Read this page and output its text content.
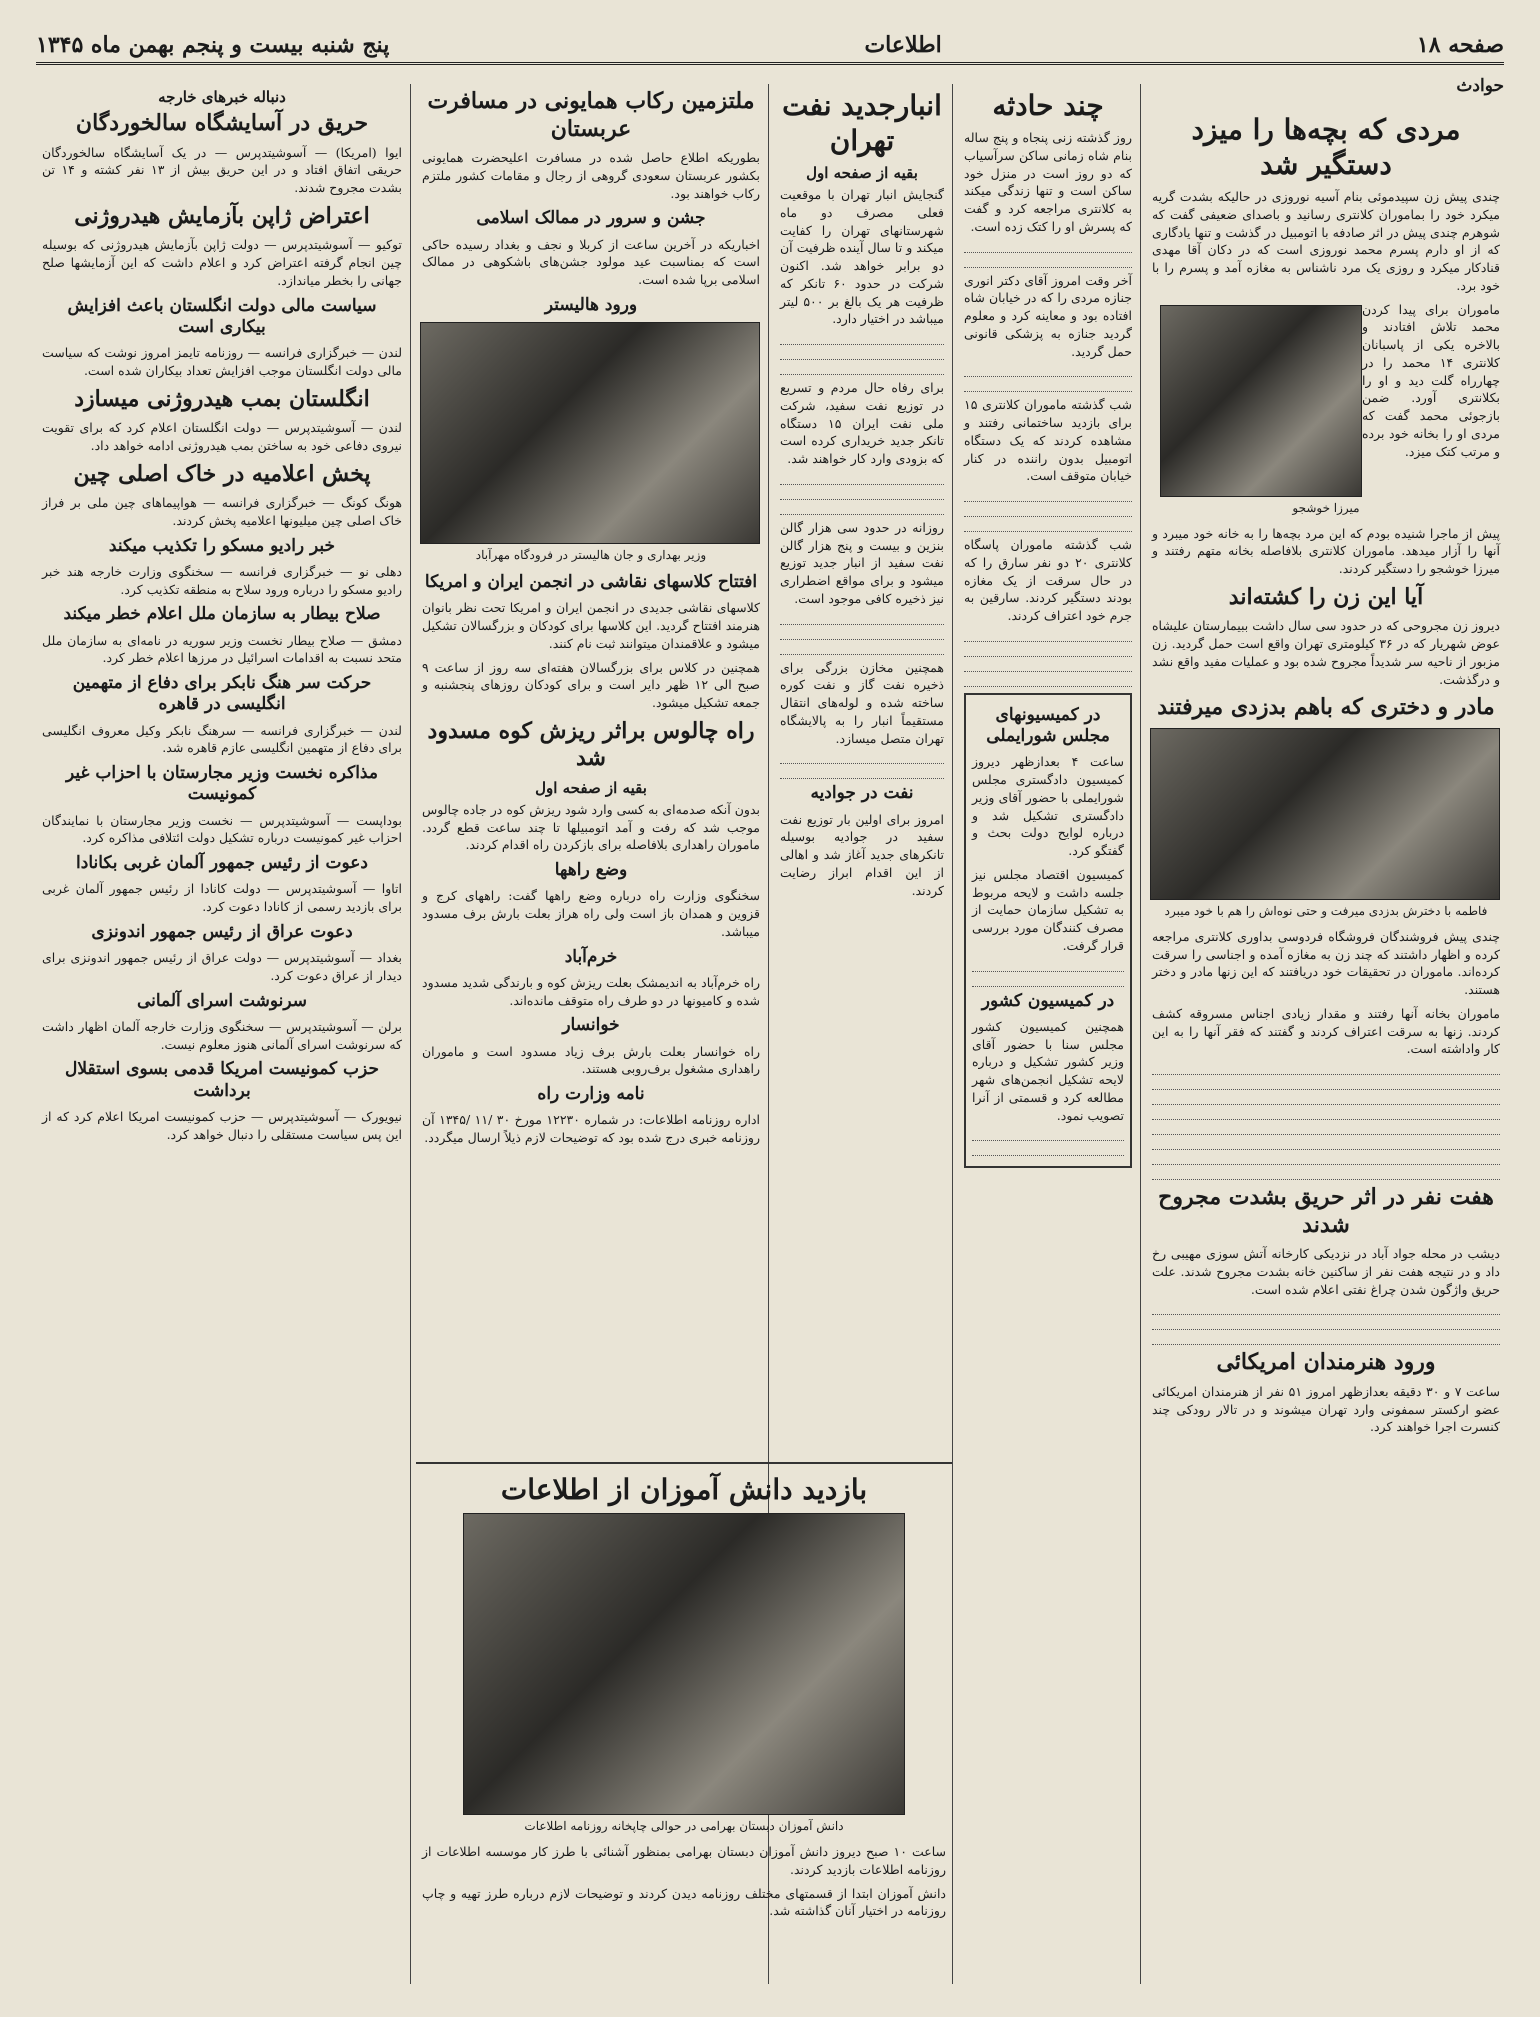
صفحه ۱۸
اطلاعات
پنج شنبه بیست و پنجم بهمن ماه ۱۳۴۵
حوادث
مردی که بچه‌ها را میزد دستگیر شد

چندی پیش زن سپیدموئی بنام آسیه نوروزی در حالیکه بشدت گریه میکرد خود را بماموران کلانتری رسانید و باصدای ضعیفی گفت که شوهرم چندی پیش در اثر صادفه با اتومبیل در گذشت و تنها یادگاری که از او دارم پسرم محمد نوروزی است که در دکان آقا مهدی قنادکار میکرد و روزی یک مرد ناشناس به مغازه آمد و پسرم را با خود برد.

ماموران برای پیدا کردن محمد تلاش افتادند و بالاخره یکی از پاسبانان کلانتری ۱۴ محمد را در چهارراه گلت دید و او را بکلانتری آورد. ضمن بازجوئی محمد گفت که مردی او را بخانه خود برده و مرتب کتک میزد.

میرزا خوشجو

پیش از ماجرا شنیده بودم که این مرد بچه‌ها را به خانه خود میبرد و آنها را آزار میدهد. ماموران کلانتری بلافاصله بخانه متهم رفتند و میرزا خوشجو را دستگیر کردند.

آیا این زن را کشته‌اند

دیروز زن مجروحی که در حدود سی سال داشت ببیمارستان علیشاه عوض شهریار که در ۳۶ کیلومتری تهران واقع است حمل گردید. زن مزبور از ناحیه سر شدیداً مجروح شده بود و عملیات مفید واقع نشد و درگذشت.

مادر و دختری که باهم بدزدی میرفتند
فاطمه با دخترش بدزدی میرفت و حتی نوه‌اش را هم با خود میبرد

چندی پیش فروشندگان فروشگاه فردوسی بداوری کلانتری مراجعه کرده و اظهار داشتند که چند زن به مغازه آمده و اجناسی را سرقت کرده‌اند. ماموران در تحقیقات خود دریافتند که این زنها مادر و دختر هستند.

ماموران بخانه آنها رفتند و مقدار زیادی اجناس مسروقه کشف کردند. زنها به سرقت اعتراف کردند و گفتند که فقر آنها را به این کار واداشته است.

هفت نفر در اثر حریق بشدت مجروح شدند

دیشب در محله جواد آباد در نزدیکی کارخانه آتش سوزی مهیبی رخ داد و در نتیجه هفت نفر از ساکنین خانه بشدت مجروح شدند. علت حریق واژگون شدن چراغ نفتی اعلام شده است.

ورود هنرمندان امریکائی

ساعت ۷ و ۳۰ دقیقه بعدازظهر امروز ۵۱ نفر از هنرمندان امریکائی عضو ارکستر سمفونی وارد تهران میشوند و در تالار رودکی چند کنسرت اجرا خواهند کرد.

چند حادثه

روز گذشته زنی پنجاه و پنج ساله بنام شاه زمانی ساکن سرآسیاب که دو روز است در منزل خود ساکن است و تنها زندگی میکند به کلانتری مراجعه کرد و گفت که پسرش او را کتک زده است.

آخر وقت امروز آقای دکتر انوری جنازه مردی را که در خیابان شاه افتاده بود و معاینه کرد و معلوم گردید جنازه به پزشکی قانونی حمل گردید.

شب گذشته ماموران کلانتری ۱۵ برای بازدید ساختمانی رفتند و مشاهده کردند که یک دستگاه اتومبیل بدون راننده در کنار خیابان متوقف است.

شب گذشته ماموران پاسگاه کلانتری ۲۰ دو نفر سارق را که در حال سرقت از یک مغازه بودند دستگیر کردند. سارقین به جرم خود اعتراف کردند.

در کمیسیونهای مجلس شورایملی

ساعت ۴ بعدازظهر دیروز کمیسیون دادگستری مجلس شورایملی با حضور آقای وزیر دادگستری تشکیل شد و درباره لوایح دولت بحث و گفتگو کرد.

کمیسیون اقتصاد مجلس نیز جلسه داشت و لایحه مربوط به تشکیل سازمان حمایت از مصرف کنندگان مورد بررسی قرار گرفت.

در کمیسیون کشور

همچنین کمیسیون کشور مجلس سنا با حضور آقای وزیر کشور تشکیل و درباره لایحه تشکیل انجمن‌های شهر مطالعه کرد و قسمتی از آنرا تصویب نمود.

انبارجدید نفت تهران
بقیه از صفحه اول

گنجایش انبار تهران با موقعیت فعلی مصرف دو ماه شهرستانهای تهران را کفایت میکند و تا سال آینده ظرفیت آن دو برابر خواهد شد. اکنون شرکت در حدود ۶۰ تانکر که ظرفیت هر یک بالغ بر ۵۰۰ لیتر میباشد در اختیار دارد.

برای رفاه حال مردم و تسریع در توزیع نفت سفید، شرکت ملی نفت ایران ۱۵ دستگاه تانکر جدید خریداری کرده است که بزودی وارد کار خواهند شد.

روزانه در حدود سی هزار گالن بنزین و بیست و پنج هزار گالن نفت سفید از انبار جدید توزیع میشود و برای مواقع اضطراری نیز ذخیره کافی موجود است.

همچنین مخازن بزرگی برای ذخیره نفت گاز و نفت کوره ساخته شده و لوله‌های انتقال مستقیماً انبار را به پالایشگاه تهران متصل میسازد.

نفت در جوادیه

امروز برای اولین بار توزیع نفت سفید در جوادیه بوسیله تانکرهای جدید آغاز شد و اهالی از این اقدام ابراز رضایت کردند.

ملتزمین رکاب همایونی در مسافرت عربستان

بطوریکه اطلاع حاصل شده در مسافرت اعلیحضرت همایونی بکشور عربستان سعودی گروهی از رجال و مقامات کشور ملتزم رکاب خواهند بود.

جشن و سرور در ممالک اسلامی

اخباریکه در آخرین ساعت از کربلا و نجف و بغداد رسیده حاکی است که بمناسبت عید مولود جشن‌های باشکوهی در ممالک اسلامی برپا شده است.

ورود هالیستر
وزیر بهداری و جان هالیستر در فرودگاه مهرآباد
افتتاح کلاسهای نقاشی در انجمن ایران و امریکا

کلاسهای نقاشی جدیدی در انجمن ایران و امریکا تحت نظر بانوان هنرمند افتتاح گردید. این کلاسها برای کودکان و بزرگسالان تشکیل میشود و علاقمندان میتوانند ثبت نام کنند.

همچنین در کلاس برای بزرگسالان هفته‌ای سه روز از ساعت ۹ صبح الی ۱۲ ظهر دایر است و برای کودکان روزهای پنجشنبه و جمعه تشکیل میشود.

راه چالوس براثر ریزش کوه مسدود شد
بقیه از صفحه اول

بدون آنکه صدمه‌ای به کسی وارد شود ریزش کوه در جاده چالوس موجب شد که رفت و آمد اتومبیلها تا چند ساعت قطع گردد. ماموران راهداری بلافاصله برای بازکردن راه اقدام کردند.

وضع راهها

سخنگوی وزارت راه درباره وضع راهها گفت: راههای کرج و قزوین و همدان باز است ولی راه هراز بعلت بارش برف مسدود میباشد.

خرم‌آباد

راه خرم‌آباد به اندیمشک بعلت ریزش کوه و بارندگی شدید مسدود شده و کامیونها در دو طرف راه متوقف مانده‌اند.

خوانسار

راه خوانسار بعلت بارش برف زیاد مسدود است و ماموران راهداری مشغول برف‌روبی هستند.

نامه وزارت راه

اداره روزنامه اطلاعات: در شماره ۱۲۲۳۰ مورخ ۳۰ /۱۱ /۱۳۴۵ آن روزنامه خبری درج شده بود که توضیحات لازم ذیلاً ارسال میگردد.

دنباله خبرهای خارجه
حریق در آسایشگاه سالخوردگان

ایوا (امریکا) — آسوشیتدپرس — در یک آسایشگاه سالخوردگان حریقی اتفاق افتاد و در این حریق بیش از ۱۳ نفر کشته و ۱۴ تن بشدت مجروح شدند.

اعتراض ژاپن بآزمایش هیدروژنی

توکیو — آسوشیتدپرس — دولت ژاپن بآزمایش هیدروژنی که بوسیله چین انجام گرفته اعتراض کرد و اعلام داشت که این آزمایشها صلح جهانی را بخطر میاندازد.

سیاست مالی دولت انگلستان باعث افزایش بیکاری است

لندن — خبرگزاری فرانسه — روزنامه تایمز امروز نوشت که سیاست مالی دولت انگلستان موجب افزایش تعداد بیکاران شده است.

انگلستان بمب هیدروژنی میسازد

لندن — آسوشیتدپرس — دولت انگلستان اعلام کرد که برای تقویت نیروی دفاعی خود به ساختن بمب هیدروژنی ادامه خواهد داد.

پخش اعلامیه در خاک اصلی چین

هونگ کونگ — خبرگزاری فرانسه — هواپیماهای چین ملی بر فراز خاک اصلی چین میلیونها اعلامیه پخش کردند.

خبر رادیو مسکو را تکذیب میکند

دهلی نو — خبرگزاری فرانسه — سخنگوی وزارت خارجه هند خبر رادیو مسکو را درباره ورود سلاح به منطقه تکذیب کرد.

صلاح بیطار به سازمان ملل اعلام خطر میکند

دمشق — صلاح بیطار نخست وزیر سوریه در نامه‌ای به سازمان ملل متحد نسبت به اقدامات اسرائیل در مرزها اعلام خطر کرد.

حرکت سر هنگ نابکر برای دفاع از متهمین انگلیسی در قاهره

لندن — خبرگزاری فرانسه — سرهنگ نابکر وکیل معروف انگلیسی برای دفاع از متهمین انگلیسی عازم قاهره شد.

مذاکره نخست وزیر مجارستان با احزاب غیر کمونیست

بوداپست — آسوشیتدپرس — نخست وزیر مجارستان با نمایندگان احزاب غیر کمونیست درباره تشکیل دولت ائتلافی مذاکره کرد.

دعوت از رئیس جمهور آلمان غربی بکانادا

اتاوا — آسوشیتدپرس — دولت کانادا از رئیس جمهور آلمان غربی برای بازدید رسمی از کانادا دعوت کرد.

دعوت عراق از رئیس جمهور اندونزی

بغداد — آسوشیتدپرس — دولت عراق از رئیس جمهور اندونزی برای دیدار از عراق دعوت کرد.

سرنوشت اسرای آلمانی

برلن — آسوشیتدپرس — سخنگوی وزارت خارجه آلمان اظهار داشت که سرنوشت اسرای آلمانی هنوز معلوم نیست.

حزب کمونیست امریکا قدمی بسوی استقلال برداشت

نیویورک — آسوشیتدپرس — حزب کمونیست امریکا اعلام کرد که از این پس سیاست مستقلی را دنبال خواهد کرد.

بازدید دانش آموزان از اطلاعات
دانش آموزان دبستان بهرامی در حوالی چاپخانه روزنامه اطلاعات

ساعت ۱۰ صبح دیروز دانش آموزان دبستان بهرامی بمنظور آشنائی با طرز کار موسسه اطلاعات از روزنامه اطلاعات بازدید کردند.

دانش آموزان ابتدا از قسمتهای مختلف روزنامه دیدن کردند و توضیحات لازم درباره طرز تهیه و چاپ روزنامه در اختیار آنان گذاشته شد.
